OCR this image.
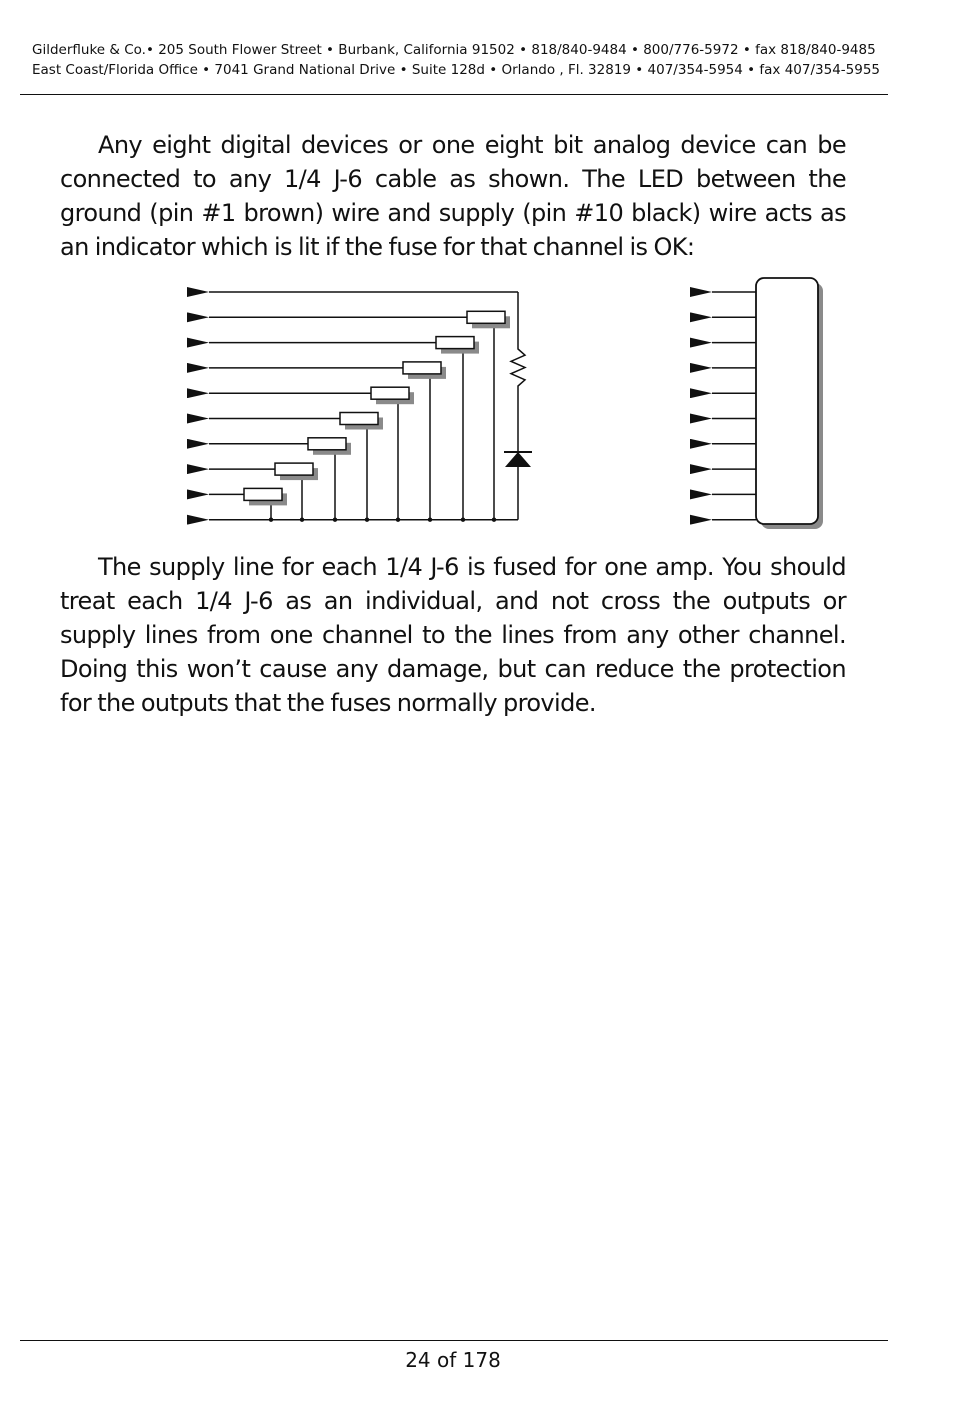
Gilderfluke & Co.• 205 South Flower Street • Burbank, California 91502 • 818/840-9484 • 800/776-5972 • fax 818/840-9485
East Coast/Florida Office • 7041 Grand National Drive • Suite 128d • Orlando , Fl. 32819 • 407/354-5954 • fax 407/354-5955

Any eight digital devices or one eight bit analog device can be connected to any 1/4 J-6 cable as shown. The LED between the ground (pin #1 brown) wire and supply (pin #10 black) wire acts as an indicator which is lit if the fuse for that channel is OK:

The supply line for each 1/4 J-6 is fused for one amp. You should treat each 1/4 J-6 as an individual, and not cross the outputs or supply lines from one channel to the lines from any other channel. Doing this won’t cause any damage, but can reduce the protection for the outputs that the fuses normally provide.

24 of 178
